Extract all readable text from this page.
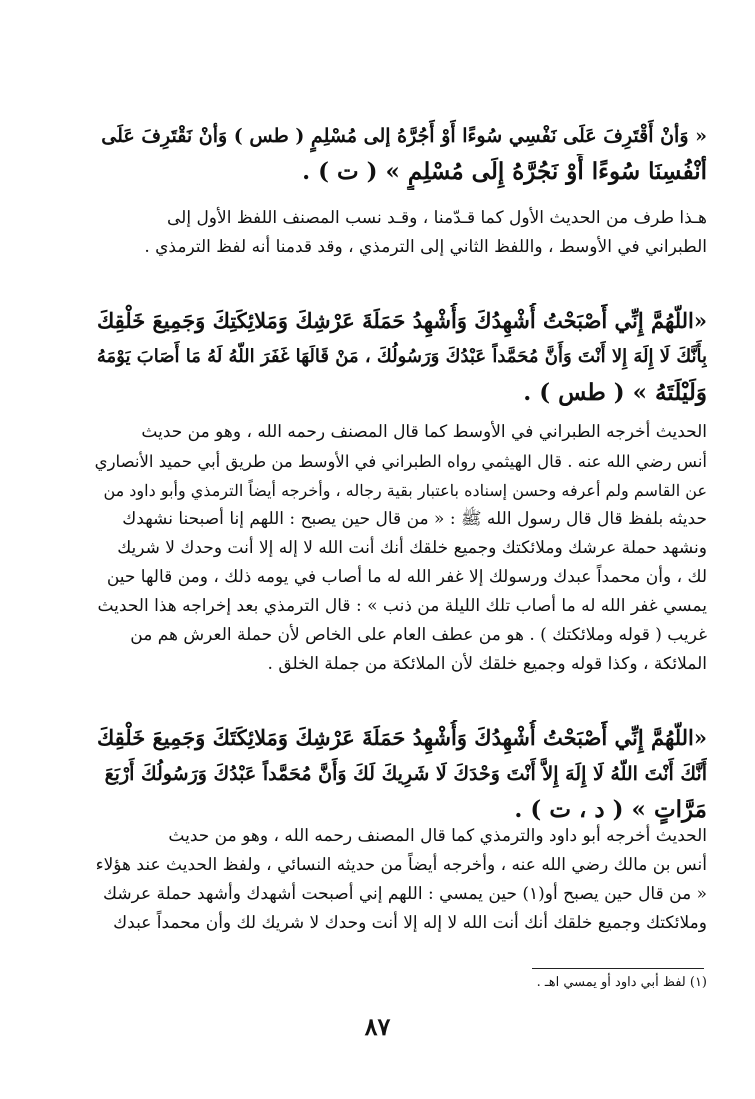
« وَأنْ أَقْتَرِفَ عَلَى نَفْسِي سُوءًا أَوْ أَجُرَّهُ إلى مُسْلِمٍ ( طس ) وَأنْ نَقْتَرِفَ عَلَى
أنْفُسِنَا سُوءًا أَوْ نَجُرَّهُ إِلَى مُسْلِمٍ » ( ت ) .
هـذا طرف من الحديث الأول كما قـدّمنا ، وقـد نسب المصنف اللفظ الأول إلى
الطبراني في الأوسط ، واللفظ الثاني إلى الترمذي ، وقد قدمنا أنه لفظ الترمذي .
«اللّهُمَّ إِنِّي أَصْبَحْتُ أُشْهِدُكَ وَأُشْهِدُ حَمَلَةَ عَرْشِكَ وَمَلائِكَتِكَ وَجَمِيعَ خَلْقِكَ
بِأَنَّكَ لَا إِلَهَ إِلا أَنْتَ وَأَنَّ مُحَمَّداً عَبْدُكَ وَرَسُولُكَ ، مَنْ قَالَهَا غَفَرَ اللّهُ لَهُ مَا أَصَابَ يَوْمَهُ
وَلَيْلَتَهُ » ( طس ) .
الحديث أخرجه الطبراني في الأوسط كما قال المصنف رحمه الله ، وهو من حديث
أنس رضي الله عنه . قال الهيثمي رواه الطبراني في الأوسط من طريق أبي حميد الأنصاري
عن القاسم ولم أعرفه وحسن إسناده باعتبار بقية رجاله ، وأخرجه أيضاً الترمذي وأبو داود من
حديثه بلفظ قال قال رسول الله ﷺ : « من قال حين يصبح : اللهم إنا أصبحنا نشهدك
ونشهد حملة عرشك وملائكتك وجميع خلقك أنك أنت الله لا إله إلا أنت وحدك لا شريك
لك ، وأن محمداً عبدك ورسولك إلا غفر الله له ما أصاب في يومه ذلك ، ومن قالها حين
يمسي غفر الله له ما أصاب تلك الليلة من ذنب » : قال الترمذي بعد إخراجه هذا الحديث
غريب ( قوله وملائكتك ) . هو من عطف العام على الخاص لأن حملة العرش هم من
الملائكة ، وكذا قوله وجميع خلقك لأن الملائكة من جملة الخلق .
«اللّهُمَّ إِنِّي أَصْبَحْتُ أُشْهِدُكَ وَأُشْهِدُ حَمَلَةَ عَرْشِكَ وَمَلائِكَتَكَ وَجَمِيعَ خَلْقِكَ
أَنَّكَ أَنْتَ اللّهُ لَا إِلَهَ إِلاَّ أَنْتَ وَحْدَكَ لَا شَرِيكَ لَكَ وَأَنَّ مُحَمَّداً عَبْدُكَ وَرَسُولُكَ أَرْبَعَ
مَرَّاتٍ » ( د ، ت ) .
الحديث أخرجه أبو داود والترمذي كما قال المصنف رحمه الله ، وهو من حديث
أنس بن مالك رضي الله عنه ، وأخرجه أيضاً من حديثه النسائي ، ولفظ الحديث عند هؤلاء
« من قال حين يصبح أو(١) حين يمسي : اللهم إني أصبحت أشهدك وأشهد حملة عرشك
وملائكتك وجميع خلقك أنك أنت الله لا إله إلا أنت وحدك لا شريك لك وأن محمداً عبدك
(١) لفظ أبي داود أو يمسي اهـ .
٨٧
